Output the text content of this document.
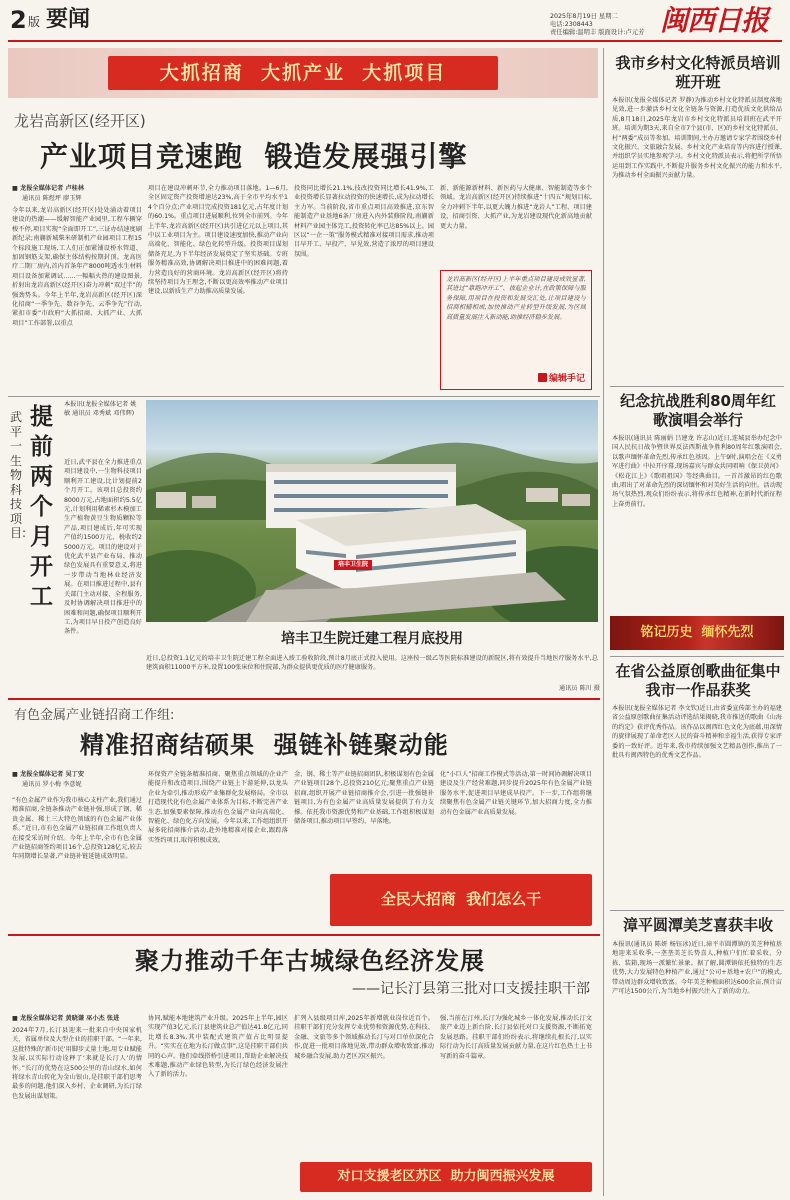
2 版 要闻	2025年8月19日 星期二
电话:2308443
责任编辑:温明丰 版面设计:卢元芳 闽西日报
大抓招商  大抓产业  大抓项目
龙岩高新区(经开区)
产业项目竞速跑  锻造发展强引擎
■ 龙报全媒体记者 卢桂林
通讯员 陈煜坪 廖玉辉
今年以来,龙岩高新区(经开区)处处涌动着项目建设的热潮——缓解智能产业园里,工程车辆穿梭不停,项目实现“全面即开工”,三证办结速度刷新纪录;南蒯新城柴米研制机产业园项目工程15个标段施工现场,工人们正加紧铺设桥水管道、加固钢筋支架,确保主体结构按期封顶。龙高医疗二期厂房内,首内首条年产8000吨透水生材料项目设备加紧调试……一幅幅火热的建设图景,折射出龙岩高新区(经开区)奋力冲刺“双过半”的强劲势头。今年上半年,龙岩高新区(经开区)深化招商“一季争先、数谷争先、云季争先”行动,紧扣市委“市政府”大抓招商、大抓产业、大抓项目”工作部署,以重点
项目在建设冲刺环节,全力推动项目落地。1—6月,全区固定资产投资增速达23%,高于全市平均水平14个百分点;产业项目完成投资181亿元,占年度计划的60.1%。重点项目进展顺利,位列全市前列。今年上半年,龙岩高新区(经开区)共引进亿元以上项目,其中以工业项目为主。项目建设速度加快,推动产业向高端化、智能化、绿色化转型升级。投资项目谋划储备充足,为下半年经济发展奠定了坚实基础。专班服务精准高效,协调解决项目推进中的困难问题,着力营造良好的营商环境。龙岩高新区(经开区)将持续坚持项目为王理念,不断以更高效率推动产业项目建设,以新质生产力助推高质量发展。
投资同比增长21.1%,技改投资同比增长41.9%,工业投资增长显著拉动投资的快速增长,成为拉动增长主力军。当前阶段,省市重点项目高效推进,京东智能制造产业基地6条厂房进入内外装修阶段,南蒯新材料产业园主体完工,投资转化率已达85%以上。园区以“一企一策”服务模式精准对接项目需求,推动项目早开工、早投产、早见效,营造了浓厚的项目建设氛围。
新、新能源新材料、新医药与大健康、智能制造等多个领域。龙岩高新区(经开区)持续推进“十四五”规划目标,全力冲刺下半年,以更大魄力推进“龙岩人”工程、项目建设、招商引资、大抓产业,为龙岩建设现代化新高地贡献更大力量。
龙岩高新区(经开区)上半年重点项目建设成效显著,其进过“靠跑冲开工”、拔起企业计,在政策保障与服务保障,用项目在投资和发展交汇处,让项目建设与招商相辅相成,加快推动产业转型升级发展,为区域高质量发展注入新动能,助推经济稳步发展。
编辑手记
武平一生物科技项目:
提前两个月开工
本报讯(龙报全媒体记者 姚敏 通讯员 邓秀斌 邓伟辉)
近日,武平县在全力推进重点项目建设中,一生物科技项目顺利开工建设,比计划提前2个月开工。该项目总投资约8000万元,占地面积约5.5亿元,计划利用稀素杉木模加工生产植物黄豆生物质颗粒等产品,项目建成后,年可实现产值约1500万元、税收约25000万元。项目的建设对于优化武平县产业布局、推动绿色发展具有重要意义,将进一步带动当地林业经济发展。在项目推进过程中,县有关部门主动对接、全程服务,及时协调解决项目推进中的困难和问题,确保项目顺利开工,为项目早日投产创造良好条件。
培丰卫生院
培丰卫生院迁建工程月底投用
近日,总投资1.1亿元的培丰卫生院迁建工程全面进入竣工验收阶段,预计8月底正式投入使用。这座按一级乙等医院标准建设的新院区,将有效提升当地医疗服务水平,总建筑面积11000平方米,设置100张床位和住院部,为群众提供更优质的医疗健康服务。
通讯员 陈川 摄
有色金属产业链招商工作组:
精准招商结硕果  强链补链聚动能
■ 龙报全媒体记者 吴丁安
通讯员 罗小梅 李意妮
“有色金属产业作为我市核心支柱产业,我们通过精准招商,全链条推动产业链补强,形成了钢、稀贵金属、稀土三大特色领域的有色金属产业体系。”近日,市有色金属产业链招商工作组负责人在接受采访时介绍。今年上半年,全市有色金属产业链招商签约项目16个,总投资128亿元,较去年同期增长显著,产业链补链延链成效明显。
环保资产全链条精准招商、聚焦重点领域的企业产能提升和改造项目,围绕产业链上下游延伸,以龙头企业为牵引,推动形成产业集群化发展格局。全市以打造现代化有色金属产业体系为目标,不断完善产业生态,加强要素保障,推动有色金属产业向高端化、智能化、绿色化方向发展。今年以来,工作组组织开展多轮招商推介活动,赴外地精准对接企业,跟踪落实签约项目,取得积极成效。
金、钢、稀土等产业链招商团队,积极谋划有色金属产业链项目28个,总投资210亿元;聚焦重点产业链招商,组织开展产业链招商推介会,引进一批强链补链项目,为有色金属产业高质量发展提供了有力支撑。依托我市资源优势和产业基础,工作组积极谋划储备项目,推动项目早签约、早落地。
化“小巨人”招商工作模式等活动,第一时间协调解决项目建设及生产经营难题,同步提升2025年有色金属产业链服务水平,促进项目早建成早投产。下一步,工作组将继续聚焦有色金属产业链关键环节,加大招商力度,全力推动有色金属产业高质量发展。
全民大招商  我们怎么干
聚力推动千年古城绿色经济发展
——记长汀县第三批对口支援挂职干部
■ 龙报全媒体记者 黄晓谦 巫小杰 张进
2024年7月,长汀县迎来一批来自中央国家机关、省属单位及大型企业的挂职干部。“一年来,这批特殊的‘新市民’用脚步丈量土地,用专业赋能发展,以实际行动诠释了‘来就是长汀人’的情怀。”长汀的优势在这500公里的青山绿水,如何将绿水青山转化为金山银山,是挂职干部们思考最多的问题,他们深入乡村、企业调研,为长汀绿色发展出谋划策。
协同,赋能本地建筑产业升级。2025年上半年,园区实现产值3亿元,长汀县建筑业总产值达41.8亿元,同比增长8.3%,其中装配式建筑产值占比明显提升。“实实在在地为长汀做点事”,这是挂职干部们共同的心声。他们牵线搭桥引进项目,帮助企业解决技术难题,推动产业绿色转型,为长汀绿色经济发展注入了新的活力。
扩列入县级项目库,2025年新增就业岗位近百个。挂职干部们充分发挥专业优势和资源优势,在科技、金融、文旅等多个领域推动长汀与对口单位深化合作,促进一批项目落地见效,带动群众增收致富,推动城乡融合发展,助力老区苏区振兴。
强,当前在汀州,长汀为强化城乡一体化发展,推动长汀文旅产业迈上新台阶,长汀县依托对口支援资源,不断拓宽发展思路。挂职干部们纷纷表示,将继续扎根长汀,以实际行动为长汀高质量发展贡献力量,在这片红色热土上书写新的奋斗篇章。
对口支援老区苏区  助力闽西振兴发展
我市乡村文化特派员培训班开班
本报讯(龙报全媒体记者 罗静)为推动乡村文化特派员制度落地见效,进一步激活乡村文化全链条与资源,打造优质文化供给品质,8月18日,2025年龙岩市乡村文化特派员培训班在武平开班。培训为期3天,来自全市7个县(市、区)的乡村文化特派员、村“两委”成员等参加。培训期间,主办方邀请专家学者围绕乡村文化振兴、文旅融合发展、乡村文化产业培育等内容进行授课,并组织学员实地参观学习。乡村文化特派员表示,将把所学所悟运用到工作实践中,不断提升服务乡村文化振兴的能力和水平,为推动乡村全面振兴贡献力量。
纪念抗战胜利80周年红歌演唱会举行
本报讯(通讯员 陈丽娟 吕建龙 许志山)近日,连城县举办纪念中国人民抗日战争暨世界反法西斯战争胜利80周年红歌演唱会,以歌声缅怀革命先烈,传承红色基因。上午9时,演唱会在《义勇军进行曲》中拉开序幕,现场嘉宾与群众共同唱响《保卫黄河》《松花江上》《歌唱祖国》等经典曲目。一首首激昂的红色歌曲,唱出了对革命先烈的深切缅怀和对美好生活的向往。活动现场气氛热烈,观众们纷纷表示,将传承红色精神,在新时代新征程上奋勇前行。
铭记历史  缅怀先烈
在省公益原创歌曲征集中我市一作品获奖
本报讯(龙报全媒体记者 李文钦)近日,由省委宣传部主办的福建省公益原创歌曲征集活动评选结果揭晓,我市推送的歌曲《山海的约定》获评优秀作品。该作品以闽西红色文化为底蕴,用深情的旋律展现了革命老区人民的奋斗精神和幸福生活,获得专家评委的一致好评。近年来,我市持续加强文艺精品创作,推出了一批具有闽西特色的优秀文艺作品。
漳平圆潭美芝喜获丰收
本报讯(通讯员 陈妍 杨钰冰)近日,漳平市圆潭镇的美芝种植基地迎来采收季,一垄垄美芝长势喜人,种植户们忙着采收、分拣、装箱,现场一派繁忙景象。据了解,圆潭镇依托独特的生态优势,大力发展特色种植产业,通过“公司+基地+农户”的模式,带动周边群众增收致富。今年美芝种植面积达600余亩,预计亩产可达1500公斤,为当地乡村振兴注入了新的动力。
